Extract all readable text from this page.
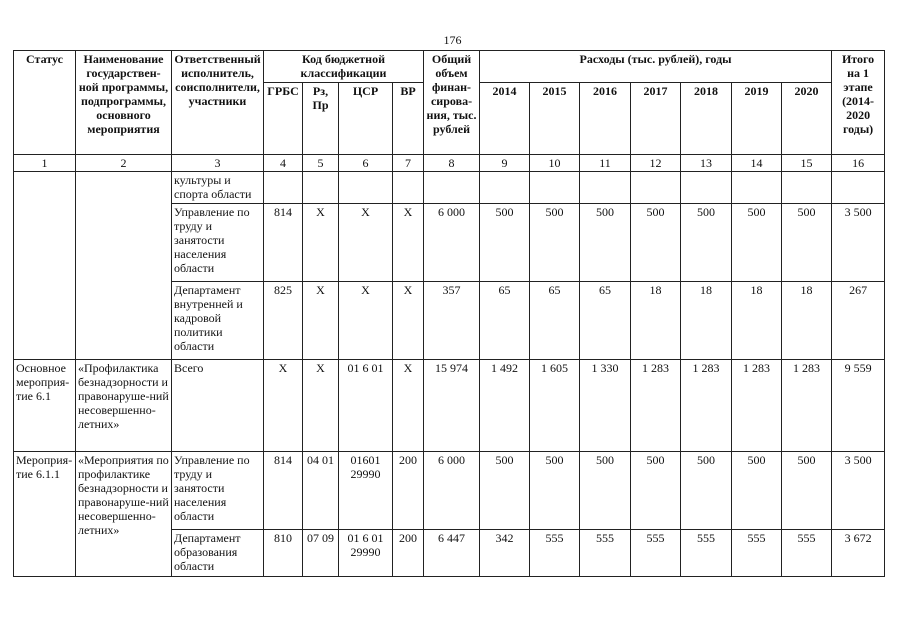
176
Статус	Наименование государствен-ной программы, подпрограммы, основного мероприятия	Ответственный исполнитель, соисполнители, участники	Код бюджетной классификации				Общий объем финан-сирова-ния, тыс. рублей	Расходы (тыс. рублей), годы							Итого на 1 этапе (2014-2020 годы)
			ГРБС	Рз, Пр	ЦСР	ВР		2014	2015	2016	2017	2018	2019	2020	
1	2	3	4	5	6	7	8	9	10	11	12	13	14	15	16
		культуры и спорта области													
		Управление по труду и занятости населения области	814	X	X	X	6 000	500	500	500	500	500	500	500	3 500
		Департамент внутренней и кадровой политики области	825	X	X	X	357	65	65	65	18	18	18	18	267
Основное мероприя-тие 6.1	«Профилактика безнадзорности и правонаруше-ний несовершенно-летних»	Всего	X	X	01 6 01	X	15 974	1 492	1 605	1 330	1 283	1 283	1 283	1 283	9 559
Мероприя-тие 6.1.1	«Мероприятия по профилактике безнадзорности и правонаруше-ний несовершенно-летних»	Управление по труду и занятости населения области	814	04 01	01601 29990	200	6 000	500	500	500	500	500	500	500	3 500
		Департамент образования области	810	07 09	01 6 01 29990	200	6 447	342	555	555	555	555	555	555	3 672
